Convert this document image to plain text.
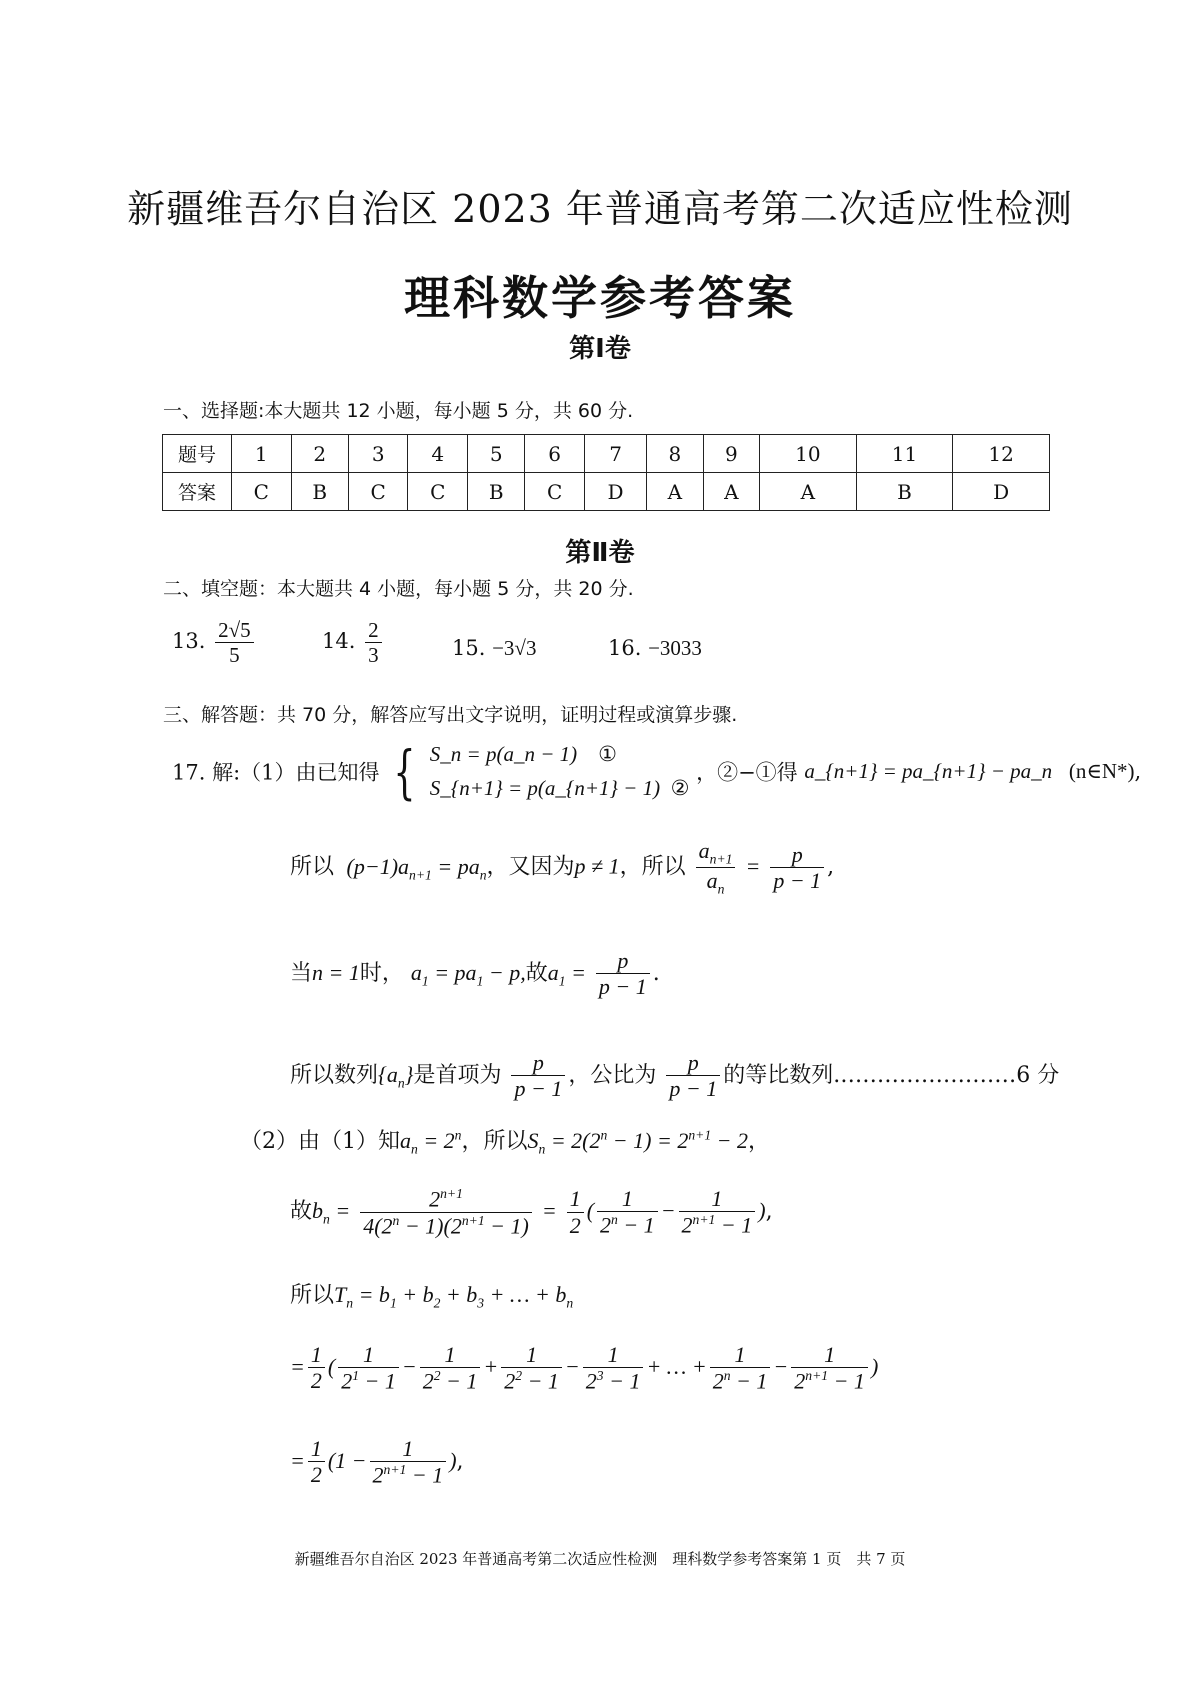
新疆维吾尔自治区 2023 年普通高考第二次适应性检测
理科数学参考答案
第Ⅰ卷
一、选择题:本大题共 12 小题，每小题 5 分，共 60 分.
题号	1	2	3	4	5	6	7	8	9	10	11	12
答案	C	B	C	C	B	C	D	A	A	A	B	D
第Ⅱ卷
二、填空题：本大题共 4 小题，每小题 5 分，共 20 分.
13. $\frac{2√5}{5}$	14. $\frac{2}{3}$	15. −3√3	16. −3033
三、解答题：共 70 分，解答应写出文字说明，证明过程或演算步骤.
17. 解:（1）由已知得 { S_n = p(a_n − 1) ①
S_{n+1} = p(a_{n+1} − 1) ②
，②−①得 a_{n+1} = pa_{n+1} − pa_n (n∈N*),
所以  $(p-1)a_{n+1} = pa_n$，又因为p ≠ 1，所以 $\frac{a_{n+1}}{a_n} = \frac{p}{p - 1}$ ,
当n = 1时， $a_1 = pa_1 - p$,故$a_1 = \frac{p}{p - 1}$ .
所以数列$\{a_n\}$是首项为 $\frac{p}{p - 1}$ ，公比为 $\frac{p}{p - 1}$ 的等比数列.……………………6 分
（2）由（1）知$a_n = 2^n$，所以$S_n = 2(2^n - 1) = 2^{n+1} - 2$，
故$b_n = \frac{2^{n+1}}{4(2^n - 1)(2^{n+1} - 1)} = \frac{1}{2}$ ( $\frac{1}{2^n - 1} - \frac{1}{2^{n+1} - 1}$ ),
所以$T_n = b_1 + b_2 + b_3$ + … + $b_n$
= $\frac{1}{2}$ ( $\frac{1}{2^1 - 1} - \frac{1}{2^2 - 1} + \frac{1}{2^2 - 1} - \frac{1}{2^3 - 1}$ + … + $\frac{1}{2^n - 1} - \frac{1}{2^{n+1} - 1}$ )
= $\frac{1}{2} (1 - \frac{1}{2^{n+1} - 1}$ ),
新疆维吾尔自治区 2023 年普通高考第二次适应性检测　理科数学参考答案第 1 页　共 7 页
